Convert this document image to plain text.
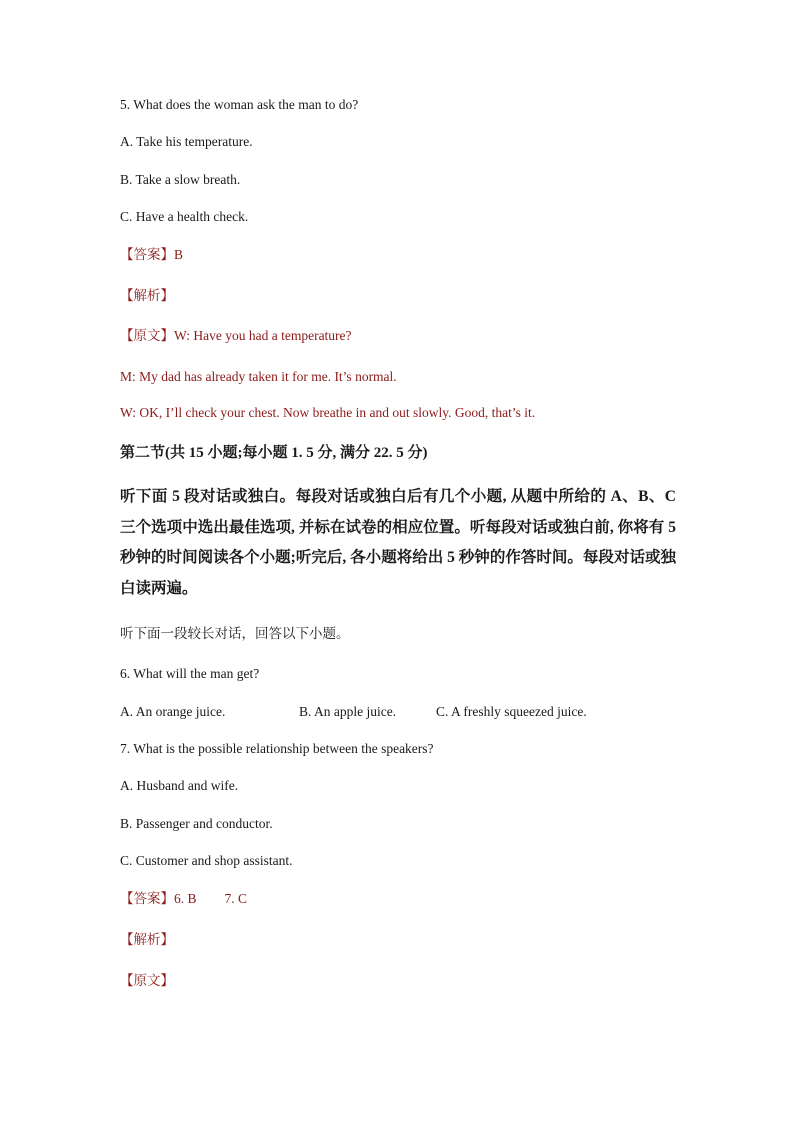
5. What does the woman ask the man to do?
A. Take his temperature.
B. Take a slow breath.
C. Have a health check.
【答案】B
【解析】
【原文】W: Have you had a temperature?
M: My dad has already taken it for me. It’s normal.
W: OK, I’ll check your chest. Now breathe in and out slowly. Good, that’s it.
第二节(共 15 小题;每小题 1. 5 分, 满分 22. 5 分)
听下面 5 段对话或独白。每段对话或独白后有几个小题, 从题中所给的 A、B、C 三个选项中选出最佳选项, 并标在试卷的相应位置。听每段对话或独白前, 你将有 5 秒钟的时间阅读各个小题;听完后, 各小题将给出 5 秒钟的作答时间。每段对话或独白读两遍。
听下面一段较长对话，回答以下小题。
6. What will the man get?
A. An orange juice.	B. An apple juice.	C. A freshly squeezed juice.
7. What is the possible relationship between the speakers?
A. Husband and wife.
B. Passenger and conductor.
C. Customer and shop assistant.
【答案】6. B 7. C
【解析】
【原文】
